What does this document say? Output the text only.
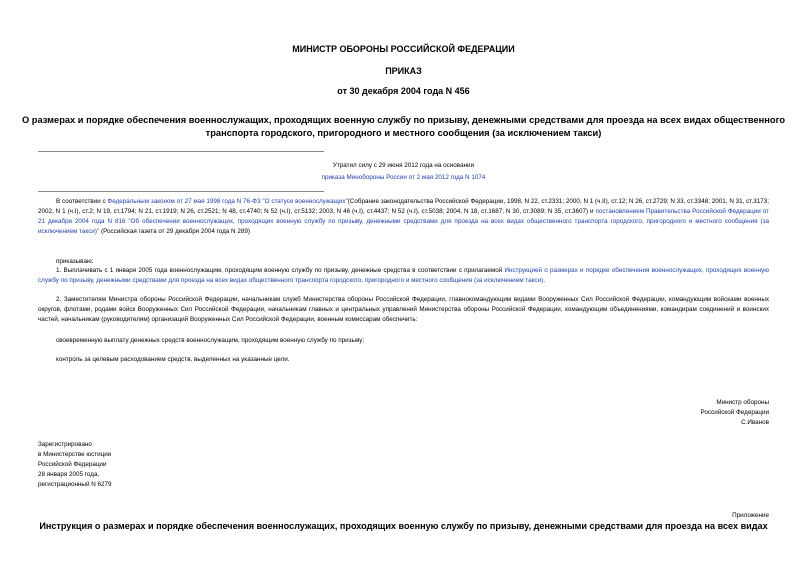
МИНИСТР ОБОРОНЫ РОССИЙСКОЙ ФЕДЕРАЦИИ
ПРИКАЗ
от 30 декабря 2004 года N 456
О размерах и порядке обеспечения военнослужащих, проходящих военную службу по призыву, денежными средствами для проезда на всех видах общественного
транспорта городского, пригородного и местного сообщения (за исключением такси)
Утратил силу с 29 июня 2012 года на основании
приказа Минобороны России от 2 мая 2012 года N 1074
В соответствии с Федеральным законом от 27 мая 1998 года N 76-ФЗ "О статусе военнослужащих"(Собрание законодательства Российской Федерации, 1998, N 22, ст.2331; 2000, N 1 (ч.II), ст.12; N 26, ст.2729; N 33, ст.3348; 2001, N 31, ст.3173; 2002, N 1 (ч.I), ст.2; N 19, ст.1794; N 21, ст.1919; N 26, ст.2521; N 48, ст.4740; N 52 (ч.I), ст.5132; 2003, N 46 (ч.I), ст.4437; N 52 (ч.I), ст.5038; 2004, N 18, ст.1687; N 30, ст.3089; N 35, ст.3607) и постановлением Правительства Российской Федерации от 21 декабря 2004 года N 816 "Об обеспечении военнослужащих, проходящих военную службу по призыву, денежными средствами для проезда на всех видах общественного транспорта городского, пригородного и местного сообщения (за исключением такси)" (Российская газета от 29 декабря 2004 года N 289)
приказываю:
1. Выплачивать с 1 января 2005 года военнослужащим, проходящим военную службу по призыву, денежные средства в соответствии с прилагаемой Инструкцией о размерах и порядке обеспечения военнослужащих, проходящих военную службу по призыву, денежными средствами для проезда на всех видах общественного транспорта городского, пригородного и местного сообщения (за исключением такси).
2. Заместителям Министра обороны Российской Федерации, начальникам служб Министерства обороны Российской Федерации, главнокомандующим видами Вооруженных Сил Российской Федерации, командующим войсками военных округов, флотами, родами войск Вооруженных Сил Российской Федерации, начальникам главных и центральных управлений Министерства обороны Российской Федерации, командующим объединениями, командирам соединений и воинских частей, начальникам (руководителям) организаций Вооруженных Сил Российской Федерации, военным комиссарам обеспечить:
своевременную выплату денежных средств военнослужащим, проходящим военную службу по призыву;
контроль за целевым расходованием средств, выделенных на указанные цели.
Министр обороны
Российской Федерации
С.Иванов
Зарегистрировано
в Министерстве юстиции
Российской Федерации
28 января 2005 года,
регистрационный N 6279
Приложение
Инструкция о размерах и порядке обеспечения военнослужащих, проходящих военную службу по призыву, денежными средствами для проезда на всех видах
